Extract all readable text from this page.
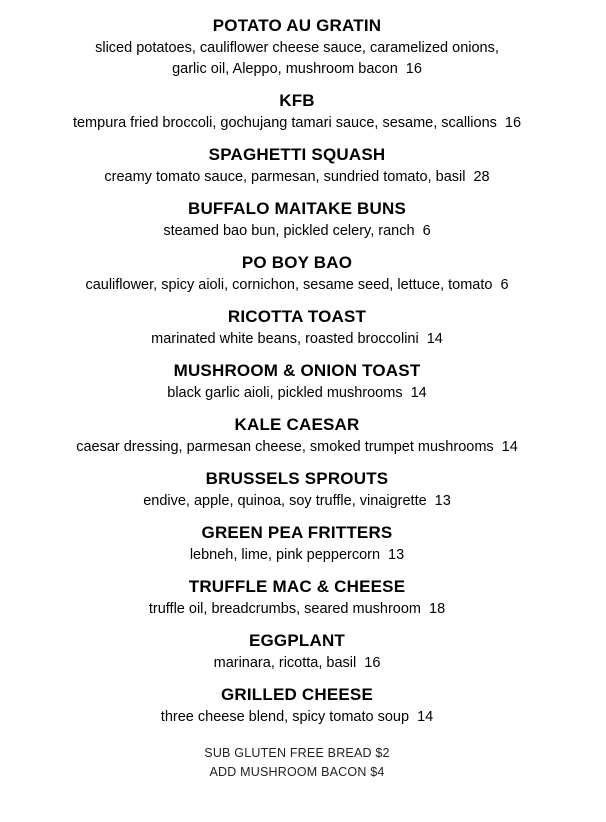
POTATO AU GRATIN
sliced potatoes, cauliflower cheese sauce, caramelized onions,
garlic oil, Aleppo, mushroom bacon 16
KFB
tempura fried broccoli, gochujang tamari sauce, sesame, scallions 16
SPAGHETTI SQUASH
creamy tomato sauce, parmesan, sundried tomato, basil 28
BUFFALO MAITAKE BUNS
steamed bao bun, pickled celery, ranch 6
PO BOY BAO
cauliflower, spicy aioli, cornichon, sesame seed, lettuce, tomato 6
RICOTTA TOAST
marinated white beans, roasted broccolini 14
MUSHROOM & ONION TOAST
black garlic aioli, pickled mushrooms 14
KALE CAESAR
caesar dressing, parmesan cheese, smoked trumpet mushrooms 14
BRUSSELS SPROUTS
endive, apple, quinoa, soy truffle, vinaigrette 13
GREEN PEA FRITTERS
lebneh, lime, pink peppercorn 13
TRUFFLE MAC & CHEESE
truffle oil, breadcrumbs, seared mushroom 18
EGGPLANT
marinara, ricotta, basil 16
GRILLED CHEESE
three cheese blend, spicy tomato soup 14
SUB GLUTEN FREE BREAD $2
ADD MUSHROOM BACON $4
